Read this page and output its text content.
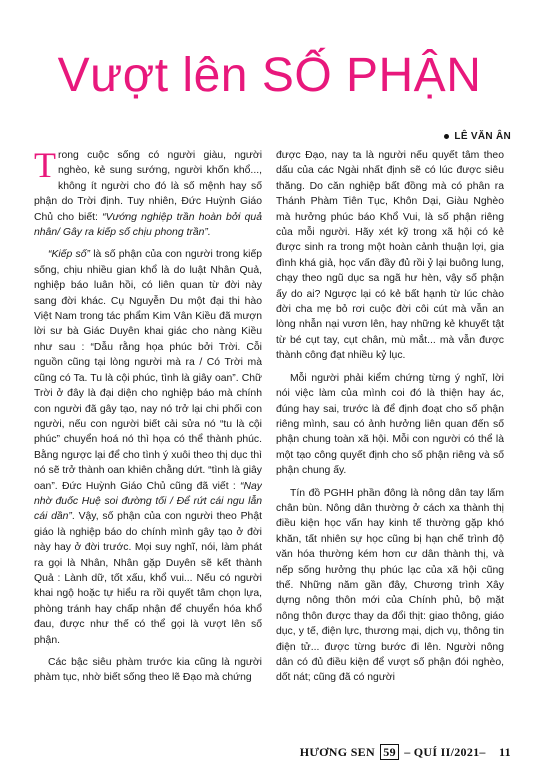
Vượt lên SỐ PHẬN
LÊ VĂN ÂN

Trong cuộc sống có người giàu, người nghèo, kẻ sung sướng, người khốn khổ..., không ít người cho đó là số mệnh hay số phận do Trời định. Tuy nhiên, Đức Huỳnh Giáo Chủ cho biết: “Vướng nghiệp trần hoàn bởi quả nhân/ Gây ra kiếp số chịu phong trần”.

“Kiếp số” là số phận của con người trong kiếp sống, chịu nhiều gian khổ là do luật Nhân Quả, nghiệp báo luân hồi, có liên quan từ đời này sang đời khác. Cụ Nguyễn Du một đại thi hào Việt Nam trong tác phẩm Kim Vân Kiều đã mượn lời sư bà Giác Duyên khai giác cho nàng Kiều như sau : “Dẫu rằng họa phúc bởi Trời. Cỗi nguồn cũng tại lòng người mà ra / Có Trời mà cũng có Ta. Tu là cội phúc, tình là giây oan”. Chữ Trời ở đây là đại diện cho nghiệp báo mà chính con người đã gây tạo, nay nó trở lại chi phối con người, nếu con người biết cải sửa nó “tu là cội phúc” chuyển hoá nó thì họa có thể thành phúc. Bằng ngược lại để cho tình ý xuôi theo thị dục thì nó sẽ trở thành oan khiên chằng dứt. “tình là giây oan”. Đức Huỳnh Giáo Chủ cũng đã viết : “Nay nhờ đuốc Huệ soi đường tối / Để rứt cái ngu lẫn cái dần”. Vậy, số phận của con người theo Phật giáo là nghiệp báo do chính mình gây tạo ở đời này hay ở đời trước. Mọi suy nghĩ, nói, làm phát ra gọi là Nhân, Nhân gặp Duyên sẽ kết thành Quả : Lành dữ, tốt xấu, khổ vui... Nếu có người khai ngộ hoặc tự hiểu ra rồi quyết tâm chọn lựa, phòng tránh hay chấp nhận để chuyển hóa khổ đau, được như thế có thể gọi là vượt lên số phận.

Các bậc siêu phàm trước kia cũng là người phàm tục, nhờ biết sống theo lẽ Đạo mà chứng

được Đạo, nay ta là người nếu quyết tâm theo dấu của các Ngài nhất định sẽ có lúc được siêu thăng. Do căn nghiệp bất đồng mà có phân ra Thánh Phàm Tiên Tục, Khôn Dại, Giàu Nghèo mà hưởng phúc báo Khổ Vui, là số phận riêng của mỗi người. Hãy xét kỹ trong xã hội có kẻ được sinh ra trong một hoàn cảnh thuận lợi, gia đình khá giả, học vấn đầy đủ rồi ỷ lại buông lung, chạy theo ngũ dục sa ngã hư hèn, vậy số phận ấy do ai? Ngược lại có kẻ bất hạnh từ lúc chào đời cha mẹ bỏ rơi cuộc đời côi cút mà vẫn an lòng nhẫn nại vươn lên, hay những kẻ khuyết tật từ bé cụt tay, cụt chân, mù mắt... mà vẫn được thành công đạt nhiều kỷ lục.

Mỗi người phải kiểm chứng từng ý nghĩ, lời nói việc làm của mình coi đó là thiện hay ác, đúng hay sai, trước là để định đoạt cho số phận riêng mình, sau có ảnh hưởng liên quan đến số phận chung toàn xã hội. Mỗi con người có thể là một tạo công quyết định cho số phận riêng và số phận chung ấy.

Tín đồ PGHH phần đông là nông dân tay lấm chân bùn. Nông dân thường ở cách xa thành thị điều kiện học vấn hay kinh tế thường gặp khó khăn, tất nhiên sự học cũng bị hạn chế trình độ văn hóa thường kém hơn cư dân thành thị, và nếp sống hưởng thụ phúc lạc của xã hội cũng thế. Những năm gần đây, Chương trình Xây dựng nông thôn mới của Chính phủ, bộ mặt nông thôn được thay da đổi thịt: giao thông, giáo dục, y tế, điện lực, thương mại, dịch vụ, thông tin điện tử... được từng bước đi lên. Người nông dân có đủ điều kiện để vượt số phận đói nghèo, dốt nát; cũng đã có người

HƯƠNG SEN 59 – QUÍ II/2021– 11
